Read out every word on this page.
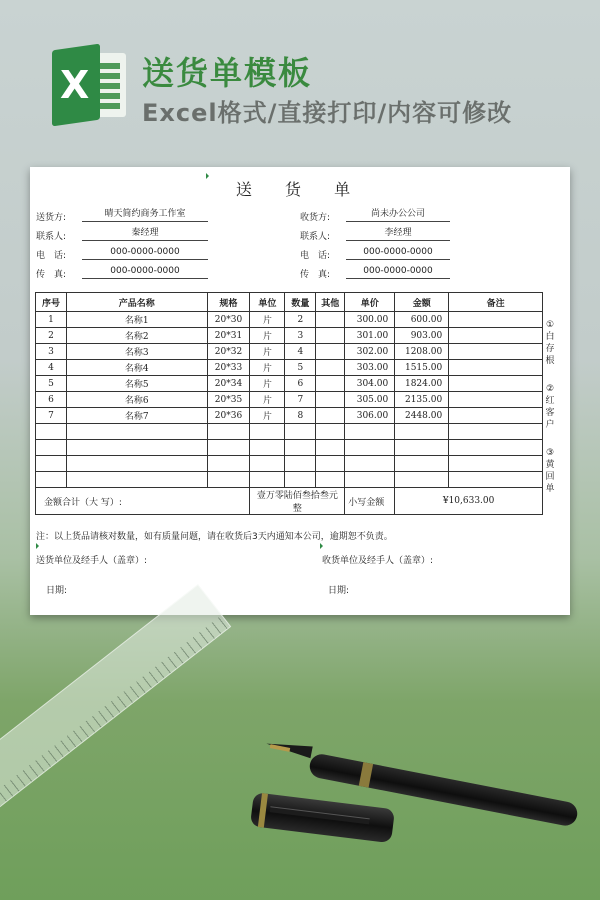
X 送货单模板
Excel格式/直接打印/内容可修改
送 货 单
送货方:	晴天简约商务工作室
联系人:	秦经理
电　话:	000-0000-0000
传　真:	000-0000-0000
收货方:	尚未办公公司
联系人:	李经理
电　话:	000-0000-0000
传　真:	000-0000-0000
序号	产品名称	规格	单位	数量	其他	单价	金额	备注
1	名称1	20*30	片	2		300.00	600.00	
2	名称2	20*31	片	3		301.00	903.00	
3	名称3	20*32	片	4		302.00	1208.00	
4	名称4	20*33	片	5		303.00	1515.00	
5	名称5	20*34	片	6		304.00	1824.00	
6	名称6	20*35	片	7		305.00	2135.00	
7	名称7	20*36	片	8		306.00	2448.00	

金额合计（大 写）:			壹万零陆佰叁拾叁元整			小写金额	¥10,633.00	
①白存根
②红客户
③黄回单
注：以上货品请核对数量，如有质量问题，请在收货后3天内通知本公司，逾期恕不负责。
送货单位及经手人（盖章）:	收货单位及经手人（盖章）:
日期:	日期:
